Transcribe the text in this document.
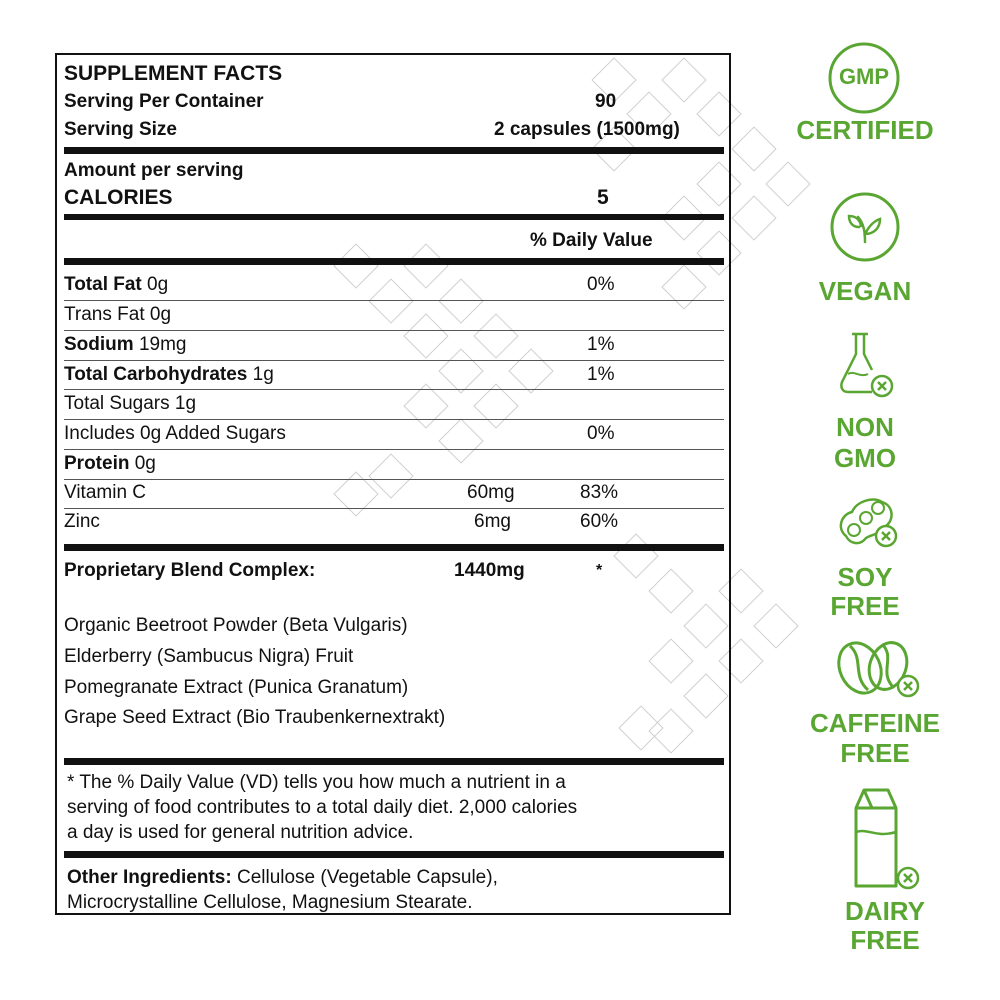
SUPPLEMENT FACTS
Serving Per Container	90
Serving Size	2 capsules (1500mg)
Amount per serving
CALORIES	5
% Daily Value
Total Fat 0g	0%
Trans Fat 0g
Sodium 19mg	1%
Total Carbohydrates 1g	1%
Total Sugars 1g
Includes 0g Added Sugars	0%
Protein 0g
Vitamin C	60mg	83%
Zinc	6mg	60%
Proprietary Blend Complex:	1440mg	*
Organic Beetroot Powder (Beta Vulgaris)
Elderberry (Sambucus Nigra) Fruit
Pomegranate Extract (Punica Granatum)
Grape Seed Extract (Bio Traubenkernextrakt)
* The % Daily Value (VD) tells you how much a nutrient in a
serving of food contributes to a total daily diet. 2,000 calories
a day is used for general nutrition advice.
Other Ingredients: Cellulose (Vegetable Capsule),
Microcrystalline Cellulose, Magnesium Stearate.
GMP
CERTIFIED
VEGAN
NON
GMO
SOY
FREE
CAFFEINE
FREE
DAIRY
FREE
